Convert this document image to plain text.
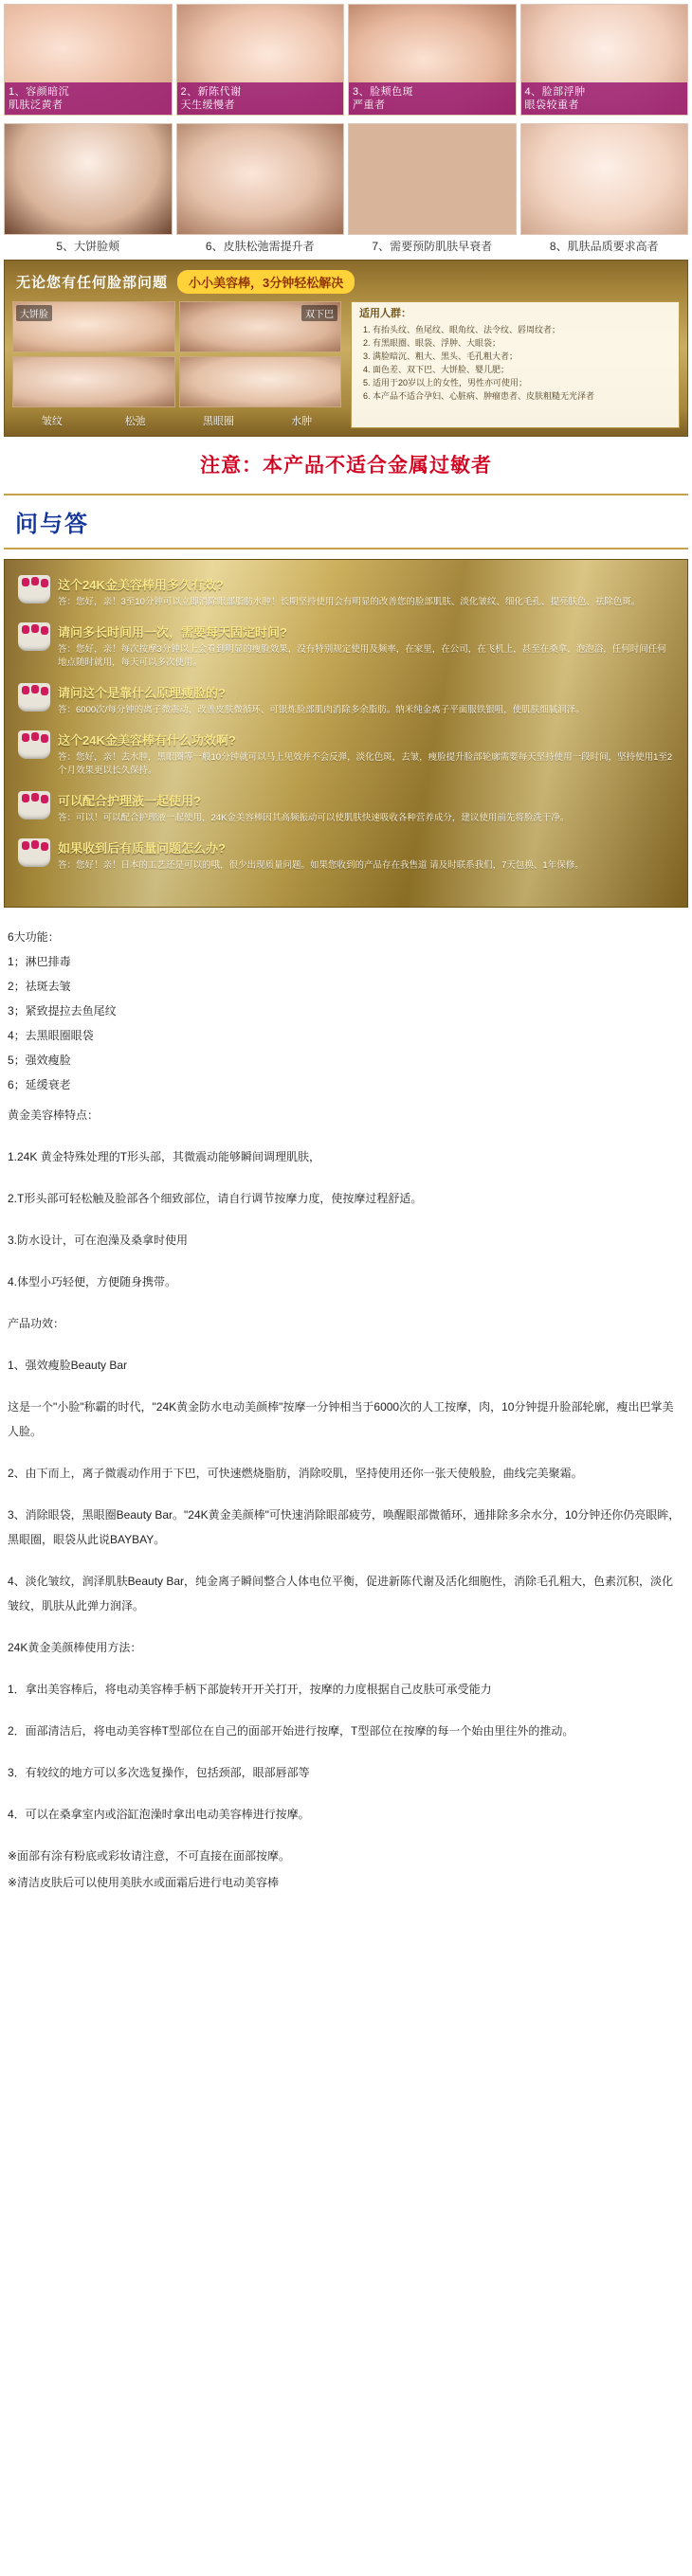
1、容颜暗沉
肌肤泛黄者
2、新陈代谢
天生缓慢者
3、脸颊色斑
严重者
4、脸部浮肿
眼袋较重者
5、大饼脸颊	6、皮肤松弛需提升者	7、需要预防肌肤早衰者	8、肌肤品质要求高者
无论您有任何脸部问题	小小美容棒，3分钟轻松解决
大饼脸	双下巴
皱纹	松弛	黑眼圈	水肿
适用人群：
1. 有抬头纹、鱼尾纹、眼角纹、法令纹、唇周纹者；
2. 有黑眼圈、眼袋、浮肿、大眼袋；
3. 满脸暗沉、粗大、黑头、毛孔粗大者；
4. 面色差、双下巴、大饼脸、婴儿肥；
5. 适用于20岁以上的女性，男性亦可使用；
6. 本产品不适合孕妇、心脏病、肿瘤患者、皮肤粗糙无光泽者
注意：本产品不适合金属过敏者
问与答

这个24K金美容棒用多久有效?

答：您好，亲！3至10分钟可以立即消除眼部脂肪水肿！长期坚持使用会有明显的改善您的脸部肌肤、淡化皱纹、细化毛孔、提亮肤色、祛除色斑。

请问多长时间用一次，需要每天固定时间?

答：您好，亲！每次按摩3分钟以上会看到明显的瘦脸效果，没有特别规定使用及频率，在家里，在公司，在飞机上，甚至在桑拿，泡泡浴，任何时间任何地点随时就用，每天可以多次使用。

请问这个是靠什么原理瘦脸的?

答：6000次/每分钟的离子微震动，改善皮肤微循环、可银炼脸部肌肉消除多余脂肪。纳米纯金离子平面服铁银咀，使肌肤细腻润泽。

这个24K金美容棒有什么功效啊?

答：您好，亲！去水肿，黑眼圈等一般10分钟就可以马上见效并不会反弹，淡化色斑，去皱，瘦脸提升脸部轮廓需要每天坚持使用一段时间，坚持使用1至2个月效果更以长久保持。

可以配合护理液一起使用?

答：可以！可以配合护理液一起使用，24K金美容棒因其高频振动可以使肌肤快速吸收各种营养成分，建议使用前先将脸洗干净。

如果收到后有质量问题怎么办?

答：您好！亲！日本的工艺还是可以的哦，很少出现质量问题。如果您收到的产品存在我售道 请及时联系我们，7天包换、1年保修。

6大功能：

1；淋巴排毒

2；祛斑去皱

3；紧致提拉去鱼尾纹

4；去黑眼圈眼袋

5；强效瘦脸

6；延缓衰老

黄金美容棒特点：

1.24K 黄金特殊处理的T形头部，其微震动能够瞬间调理肌肤，

2.T形头部可轻松触及脸部各个细致部位，请自行调节按摩力度，使按摩过程舒适。

3.防水设计，可在泡澡及桑拿时使用

4.体型小巧轻便，方便随身携带。

产品功效：

1、强效瘦脸Beauty Bar

这是一个"小脸"称霸的时代，"24K黄金防水电动美颜棒"按摩一分钟相当于6000次的人工按摩，肉，10分钟提升脸部轮廓，瘦出巴掌美人脸。

2、由下而上，离子微震动作用于下巴，可快速燃烧脂肪，消除咬肌，坚持使用还你一张天使般脸，曲线完美聚霜。

3、消除眼袋，黑眼圈Beauty Bar。"24K黄金美颜棒"可快速消除眼部疲劳，唤醒眼部微循环，通排除多余水分，10分钟还你仍亮眼眸，黑眼圈，眼袋从此说BAYBAY。

4、淡化皱纹，润泽肌肤Beauty Bar，纯金离子瞬间整合人体电位平衡，促进新陈代谢及活化细胞性，消除毛孔粗大，色素沉积，淡化皱纹，肌肤从此弹力润泽。

24K黄金美颜棒使用方法：

1．拿出美容棒后，将电动美容棒手柄下部旋转开开关打开，按摩的力度根据自己皮肤可承受能力

2．面部清洁后，将电动美容棒T型部位在自己的面部开始进行按摩，T型部位在按摩的每一个始由里往外的推动。

3．有较纹的地方可以多次选复操作，包括颈部，眼部唇部等

4．可以在桑拿室内或浴缸泡澡时拿出电动美容棒进行按摩。

※面部有涂有粉底或彩妆请注意，不可直接在面部按摩。

※清洁皮肤后可以使用美肤水或面霜后进行电动美容棒
